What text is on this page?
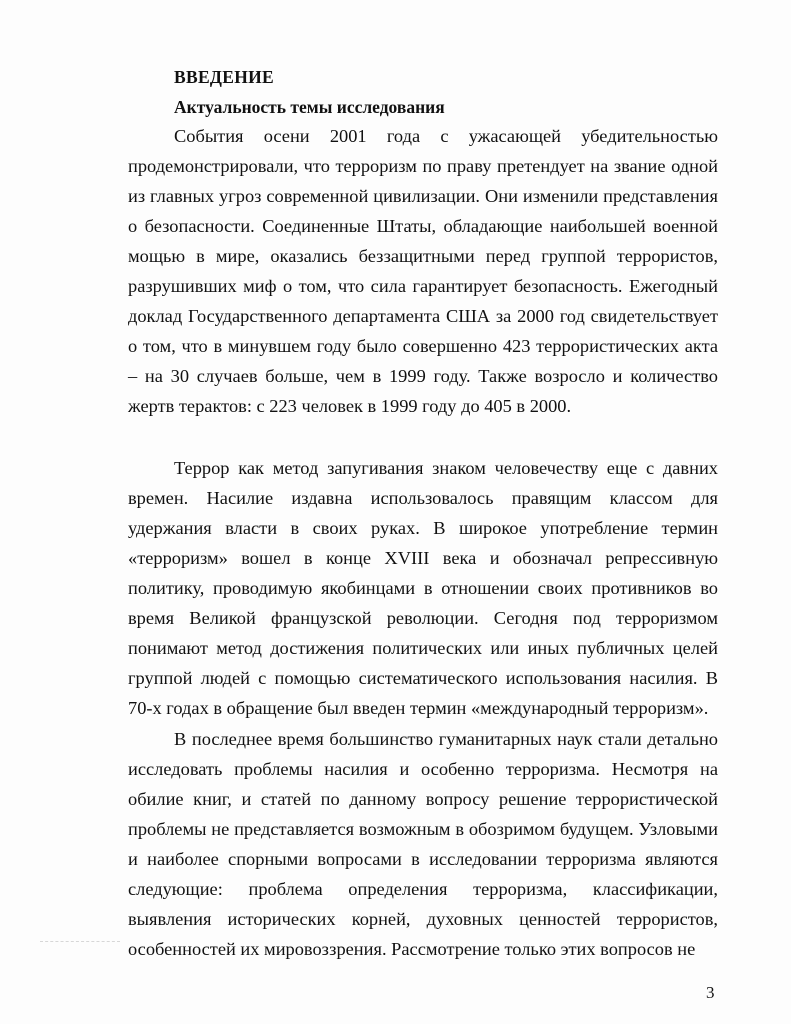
ВВЕДЕНИЕ
Актуальность темы исследования

События осени 2001 года с ужасающей убедительностью продемонстрировали, что терроризм по праву претендует на звание одной из главных угроз современной цивилизации. Они изменили представления о безопасности. Соединенные Штаты, обладающие наибольшей военной мощью в мире, оказались беззащитными перед группой террористов, разрушивших миф о том, что сила гарантирует безопасность. Ежегодный доклад Государственного департамента США за 2000 год свидетельствует о том, что в минувшем году было совершенно 423 террористических акта – на 30 случаев больше, чем в 1999 году. Также возросло и количество жертв терактов: с 223 человек в 1999 году до 405 в 2000.

Террор как метод запугивания знаком человечеству еще с давних времен. Насилие издавна использовалось правящим классом для удержания власти в своих руках. В широкое употребление термин «терроризм» вошел в конце XVIII века и обозначал репрессивную политику, проводимую якобинцами в отношении своих противников во время Великой французской революции. Сегодня под терроризмом понимают метод достижения политических или иных публичных целей группой людей с помощью систематического использования насилия. В 70-х годах в обращение был введен термин «международный терроризм».

В последнее время большинство гуманитарных наук стали детально исследовать проблемы насилия и особенно терроризма. Несмотря на обилие книг, и статей по данному вопросу решение террористической проблемы не представляется возможным в обозримом будущем. Узловыми и наиболее спорными вопросами в исследовании терроризма являются следующие: проблема определения терроризма, классификации, выявления исторических корней, духовных ценностей террористов, особенностей их мировоззрения. Рассмотрение только этих вопросов не

3
